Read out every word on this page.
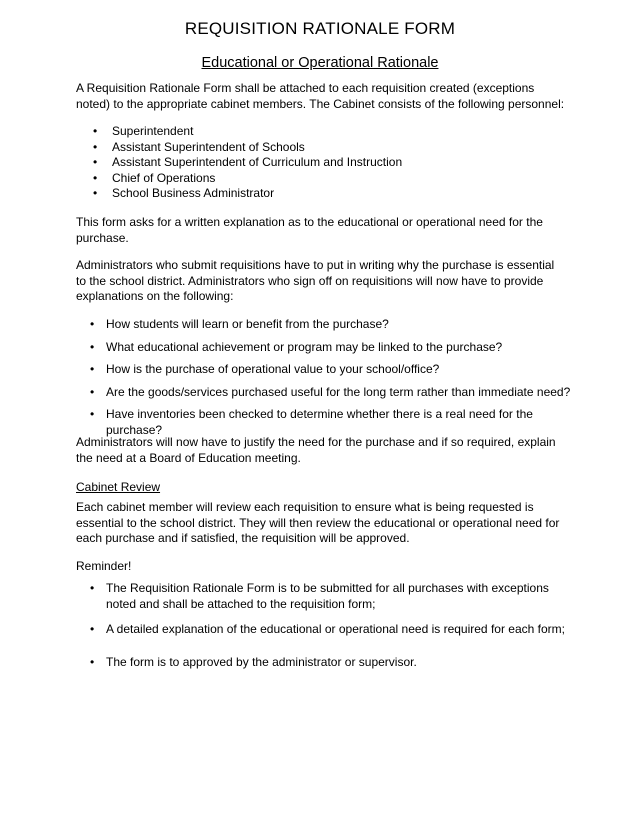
REQUISITION RATIONALE FORM
Educational or Operational Rationale

A Requisition Rationale Form shall be attached to each requisition created (exceptions noted) to the appropriate cabinet members. The Cabinet consists of the following personnel:

• Superintendent
• Assistant Superintendent of Schools
• Assistant Superintendent of Curriculum and Instruction
• Chief of Operations
• School Business Administrator

This form asks for a written explanation as to the educational or operational need for the purchase.

Administrators who submit requisitions have to put in writing why the purchase is essential to the school district. Administrators who sign off on requisitions will now have to provide explanations on the following:

• How students will learn or benefit from the purchase?
• What educational achievement or program may be linked to the purchase?
• How is the purchase of operational value to your school/office?
• Are the goods/services purchased useful for the long term rather than immediate need?
• Have inventories been checked to determine whether there is a real need for the purchase?

Administrators will now have to justify the need for the purchase and if so required, explain the need at a Board of Education meeting.

Cabinet Review

Each cabinet member will review each requisition to ensure what is being requested is essential to the school district. They will then review the educational or operational need for each purchase and if satisfied, the requisition will be approved.

Reminder!
• The Requisition Rationale Form is to be submitted for all purchases with exceptions noted and shall be attached to the requisition form;
• A detailed explanation of the educational or operational need is required for each form;
• The form is to approved by the administrator or supervisor.
